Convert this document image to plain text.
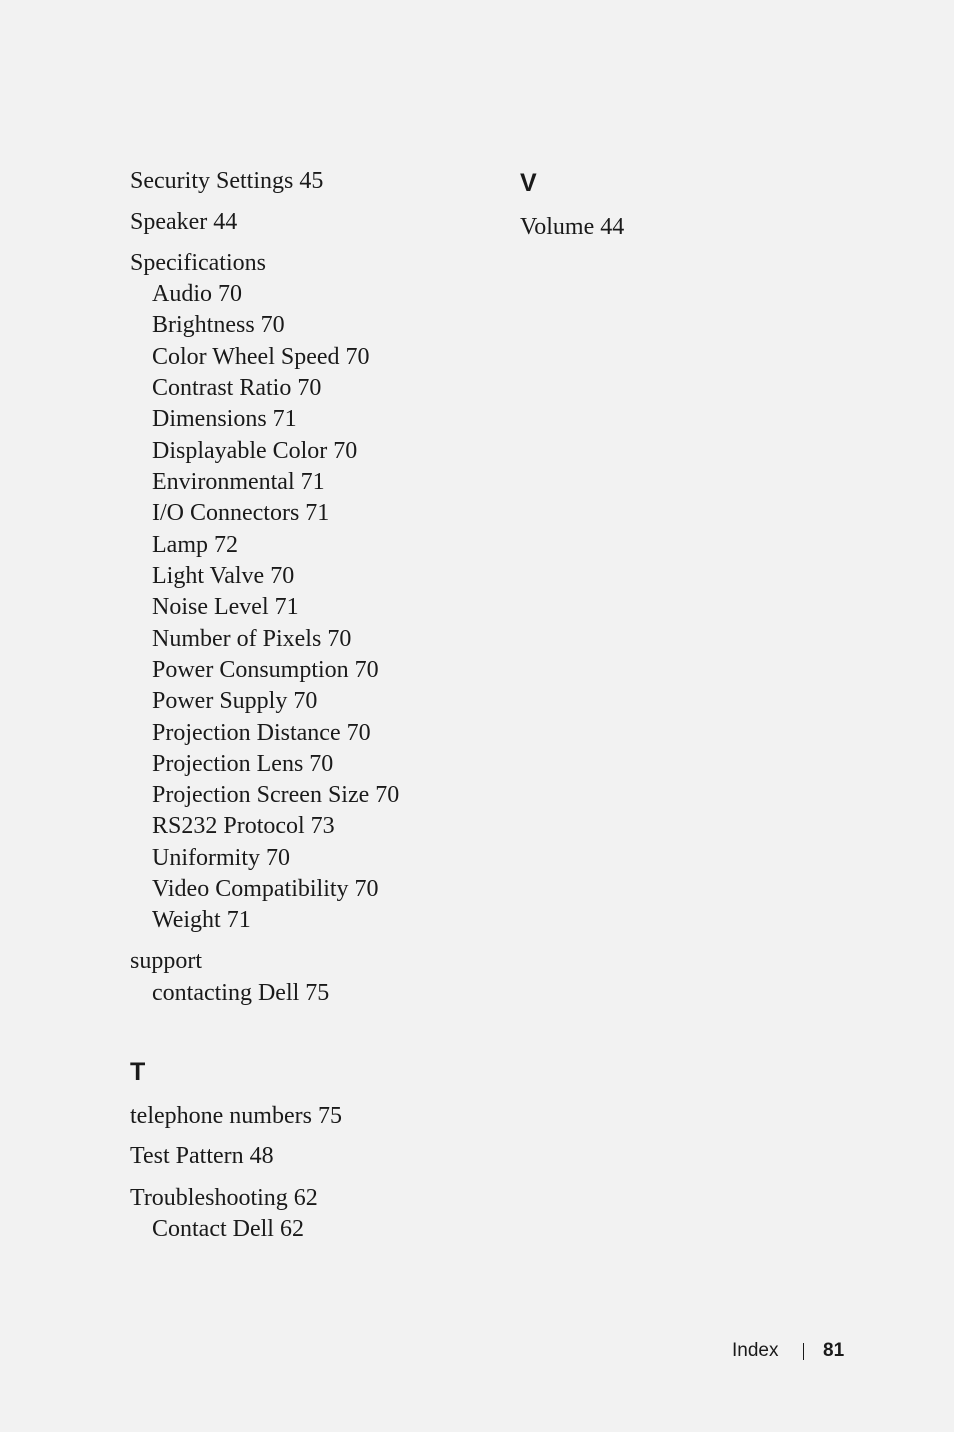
Security Settings 45
Speaker 44
Specifications
Audio 70
Brightness 70
Color Wheel Speed 70
Contrast Ratio 70
Dimensions 71
Displayable Color 70
Environmental 71
I/O Connectors 71
Lamp 72
Light Valve 70
Noise Level 71
Number of Pixels 70
Power Consumption 70
Power Supply 70
Projection Distance 70
Projection Lens 70
Projection Screen Size 70
RS232 Protocol 73
Uniformity 70
Video Compatibility 70
Weight 71
support
contacting Dell 75
T
telephone numbers 75
Test Pattern 48
Troubleshooting 62
Contact Dell 62
V
Volume 44
Index 81
